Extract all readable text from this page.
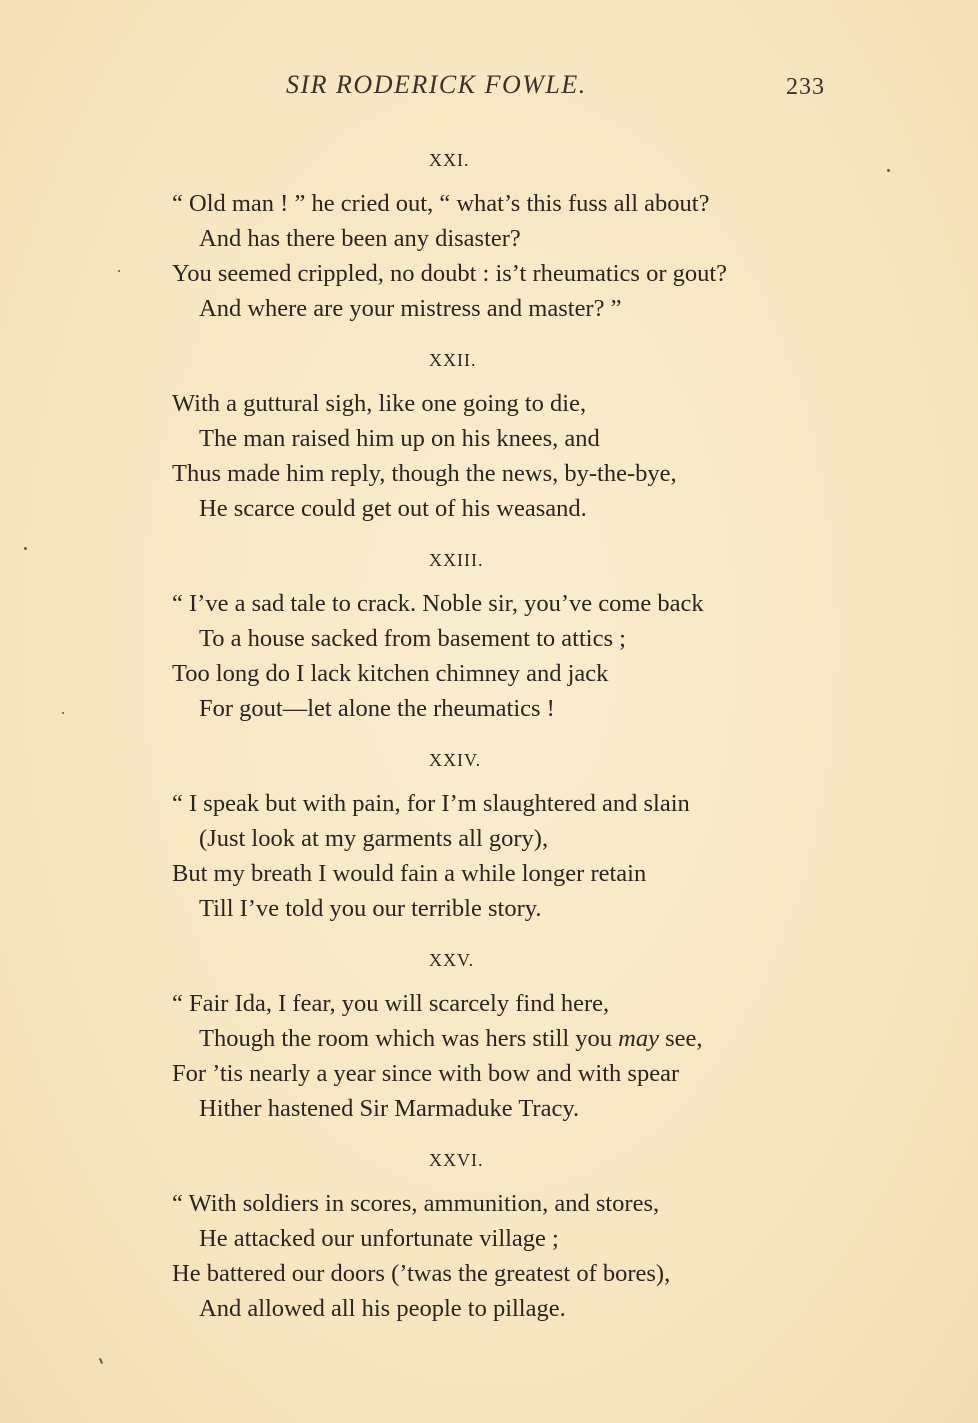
SIR RODERICK FOWLE.	233
XXI.
“ Old man ! ” he cried out, “ what’s this fuss all about?
And has there been any disaster?
You seemed crippled, no doubt : is’t rheumatics or gout?
And where are your mistress and master? ”
XXII.
With a guttural sigh, like one going to die,
The man raised him up on his knees, and
Thus made him reply, though the news, by-the-bye,
He scarce could get out of his weasand.
XXIII.
“ I’ve a sad tale to crack. Noble sir, you’ve come back
To a house sacked from basement to attics ;
Too long do I lack kitchen chimney and jack
For gout—let alone the rheumatics !
XXIV.
“ I speak but with pain, for I’m slaughtered and slain
(Just look at my garments all gory),
But my breath I would fain a while longer retain
Till I’ve told you our terrible story.
XXV.
“ Fair Ida, I fear, you will scarcely find here,
Though the room which was hers still you may see,
For ’tis nearly a year since with bow and with spear
Hither hastened Sir Marmaduke Tracy.
XXVI.
“ With soldiers in scores, ammunition, and stores,
He attacked our unfortunate village ;
He battered our doors (’twas the greatest of bores),
And allowed all his people to pillage.
